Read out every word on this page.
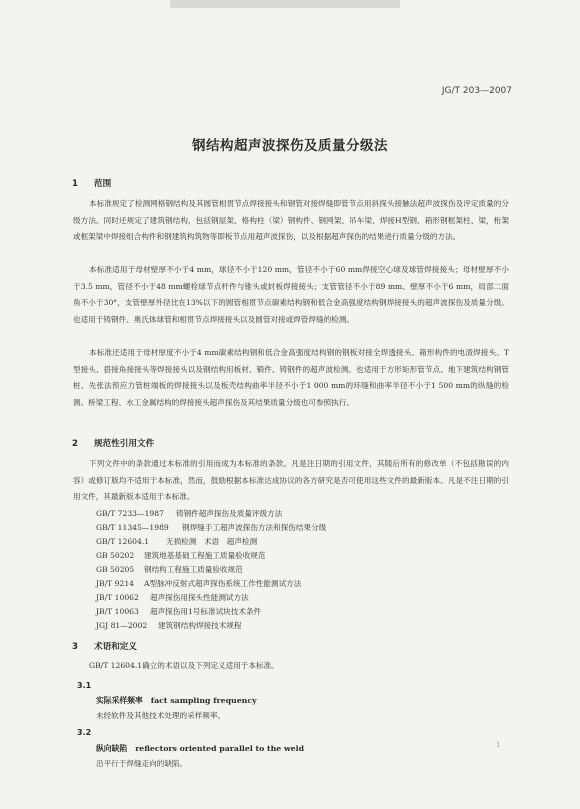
JG/T 203—2007
钢结构超声波探伤及质量分级法
1 范围
本标准规定了检测网格钢结构及其圆管相贯节点焊接接头和钢管对接焊缝即管节点用斜探头接触法超声波探伤及评定质量的分级方法。同时还规定了建筑钢结构，包括钢屋架、格构柱（梁）钢构件、钢网架、吊车梁、焊接H型钢、箱形钢框架柱、梁，桁架或框架梁中焊接组合构件和钢建筑构筑物等即板节点用超声波探伤，以及根据超声探伤的结果进行质量分级的方法。
本标准适用于母材壁厚不小于4 mm，球径不小于120 mm，管径不小于60 mm焊接空心球及球管焊接接头；母材壁厚不小于3.5 mm，管径不小于48 mm螺栓球节点杆件与锥头或封板焊接接头；支管管径不小于89 mm、壁厚不小于6 mm，局部二面角不小于30°，支管壁厚外径比在13%以下的圆管相贯节点碳素结构钢和低合金高强度结构钢焊接接头的超声波探伤及质量分级。也适用于铸钢件、奥氏体球管和相贯节点焊接接头以及圆管对接或焊管焊缝的检测。
本标准还适用于母材厚度不小于4 mm碳素结构钢和低合金高强度结构钢的钢板对接全焊透接头、箱形构件的电渣焊接头、T型接头、搭接角接接头等焊接接头以及钢结构用板材、锻件、铸钢件的超声波检测。也适用于方形矩形管节点、地下建筑结构钢管桩、先张法预应力管桩端板的焊接接头以及板壳结构曲率半径不小于1 000 mm的环缝和曲率半径不小于1 500 mm的纵缝的检测。桥梁工程、水工金属结构的焊接接头超声探伤及其结果质量分级也可参照执行。
2 规范性引用文件
下列文件中的条款通过本标准的引用而成为本标准的条款。凡是注日期的引用文件，其随后所有的修改单（不包括勘误的内容）或修订版均不适用于本标准，然而，鼓励根据本标准达成协议的各方研究是否可使用这些文件的最新版本。凡是不注日期的引用文件，其最新版本适用于本标准。
GB/T 7233—1987 铸钢件超声探伤及质量评级方法
GB/T 11345—1989 钢焊缝手工超声波探伤方法和探伤结果分级
GB/T 12604.1 无损检测　术语　超声检测
GB 50202 建筑地基基础工程施工质量验收规范
GB 50205 钢结构工程施工质量验收规范
JB/T 9214 A型脉冲反射式超声探伤系统工作性能测试方法
JB/T 10062 超声探伤用探头性能测试方法
JB/T 10063 超声探伤用1号标准试块技术条件
JGJ 81—2002 建筑钢结构焊接技术规程
3 术语和定义
GB/T 12604.1确立的术语以及下列定义适用于本标准。
3.1
实际采样频率 fact sampling frequency
未经软件及其他技术处理的采样频率。
3.2
纵向缺陷 reflectors oriented parallel to the weld
沿平行于焊缝走向的缺陷。
1
